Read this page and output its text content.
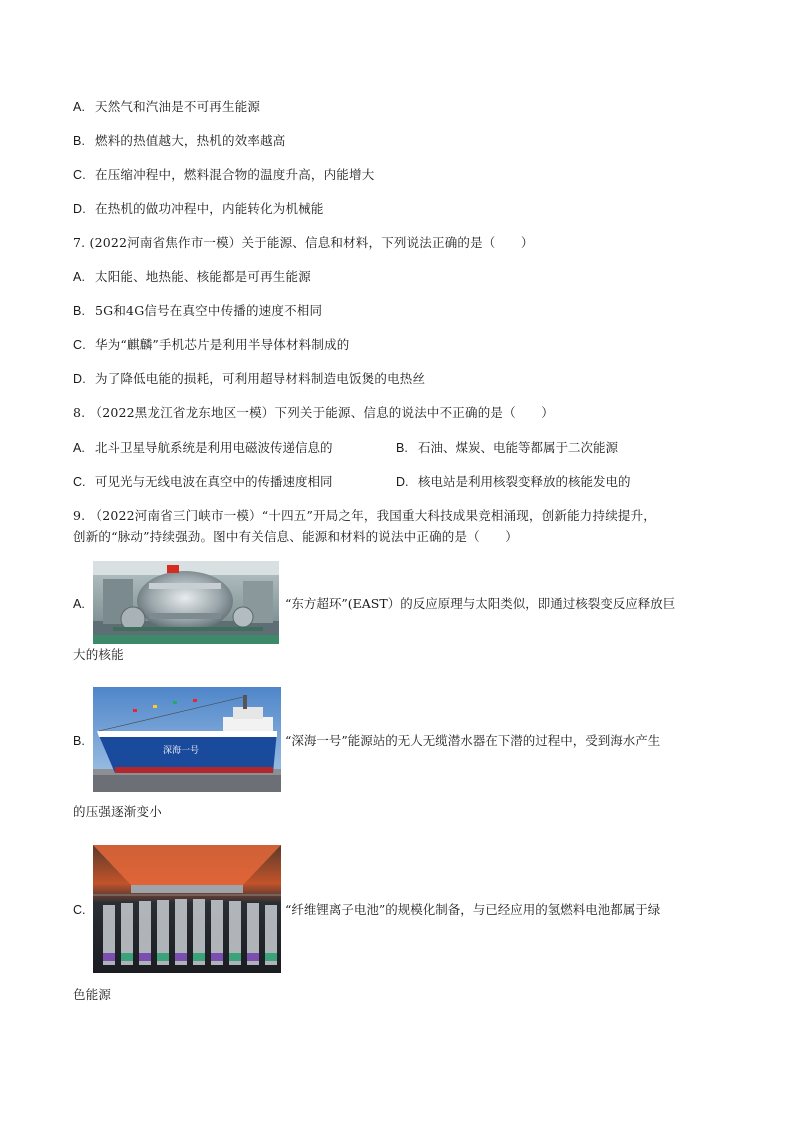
A. 天然气和汽油是不可再生能源
B. 燃料的热值越大，热机的效率越高
C. 在压缩冲程中，燃料混合物的温度升高，内能增大
D. 在热机的做功冲程中，内能转化为机械能
7. (2022河南省焦作市一模）关于能源、信息和材料，下列说法正确的是（　　）
A. 太阳能、地热能、核能都是可再生能源
B. 5G和4G信号在真空中传播的速度不相同
C. 华为“麒麟”手机芯片是利用半导体材料制成的
D. 为了降低电能的损耗，可利用超导材料制造电饭煲的电热丝
8. （2022黑龙江省龙东地区一模）下列关于能源、信息的说法中不正确的是（　　）
A. 北斗卫星导航系统是利用电磁波传递信息的	B. 石油、煤炭、电能等都属于二次能源
C. 可见光与无线电波在真空中的传播速度相同	D. 核电站是利用核裂变释放的核能发电的
9. （2022河南省三门峡市一模）“十四五”开局之年，我国重大科技成果竞相涌现，创新能力持续提升，
创新的“脉动”持续强劲。图中有关信息、能源和材料的说法中正确的是（　　）
A.	“东方超环”(EAST）的反应原理与太阳类似，即通过核裂变反应释放巨
大的核能
B.
深海一号
“深海一号”能源站的无人无缆潜水器在下潜的过程中，受到海水产生
的压强逐渐变小
C.	“纤维锂离子电池”的规模化制备，与已经应用的氢燃料电池都属于绿
色能源
